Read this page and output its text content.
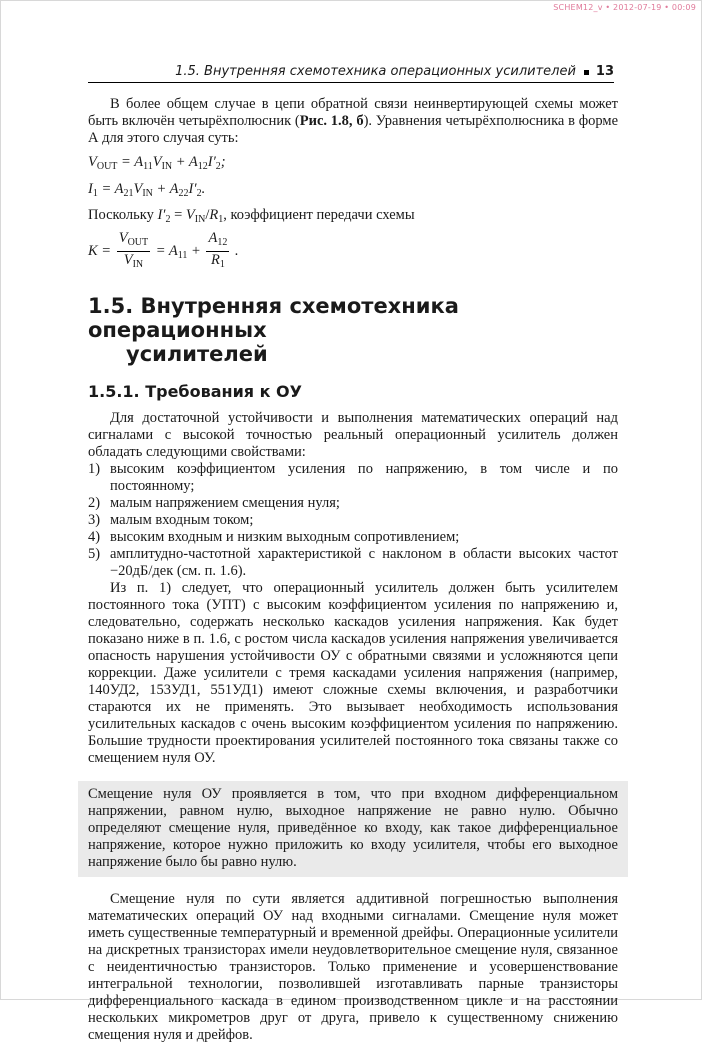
SCHEM12_v • 2012-07-19 • 00:09
1.5. Внутренняя схемотехника операционных усилителей 13

В более общем случае в цепи обратной связи неинвертирующей схемы может быть включён четырёхполюсник (Рис. 1.8, б). Уравнения четырёхполюсника в форме А для этого случая суть:

$V_{OUT} = A_{11}V_{IN} + A_{12}I'_2$;

$I_1 = A_{21}V_{IN} + A_{22}I'_2$.

Поскольку $I'_2 = V_{IN}/R_1$, коэффициент передачи схемы

$K = \frac{V_{OUT}}{V_{IN}} = A_{11} + \frac{A_{12}}{R_1}$ .

1.5. Внутренняя схемотехника операционных
усилителей
1.5.1. Требования к ОУ

Для достаточной устойчивости и выполнения математических операций над сигналами с высокой точностью реальный операционный усилитель должен обладать следующими свойствами:

1) высоким коэффициентом усиления по напряжению, в том числе и по постоянному;
2) малым напряжением смещения нуля;
3) малым входным током;
4) высоким входным и низким выходным сопротивлением;
5) амплитудно-частотной характеристикой с наклоном в области высоких частот −20дБ/дек (см. п. 1.6).

Из п. 1) следует, что операционный усилитель должен быть усилителем постоянного тока (УПТ) с высоким коэффициентом усиления по напряжению и, следовательно, содержать несколько каскадов усиления напряжения. Как будет показано ниже в п. 1.6, с ростом числа каскадов усиления напряжения увеличивается опасность нарушения устойчивости ОУ с обратными связями и усложняются цепи коррекции. Даже усилители с тремя каскадами усиления напряжения (например, 140УД2, 153УД1, 551УД1) имеют сложные схемы включения, и разработчики стараются их не применять. Это вызывает необходимость использования усилительных каскадов с очень высоким коэффициентом усиления по напряжению. Большие трудности проектирования усилителей постоянного тока связаны также со смещением нуля ОУ.

Смещение нуля ОУ проявляется в том, что при входном дифференциальном напряжении, равном нулю, выходное напряжение не равно нулю. Обычно определяют смещение нуля, приведённое ко входу, как такое дифференциальное напряжение, которое нужно приложить ко входу усилителя, чтобы его выходное напряжение было бы равно нулю.

Смещение нуля по сути является аддитивной погрешностью выполнения математических операций ОУ над входными сигналами. Смещение нуля может иметь существенные температурный и временной дрейфы. Операционные усилители на дискретных транзисторах имели неудовлетворительное смещение нуля, связанное с неидентичностью транзисторов. Только применение и усовершенствование интегральной технологии, позволившей изготавливать парные транзисторы дифференциального каскада в едином производственном цикле и на расстоянии нескольких микрометров друг от друга, привело к существенному снижению смещения нуля и дрейфов.
